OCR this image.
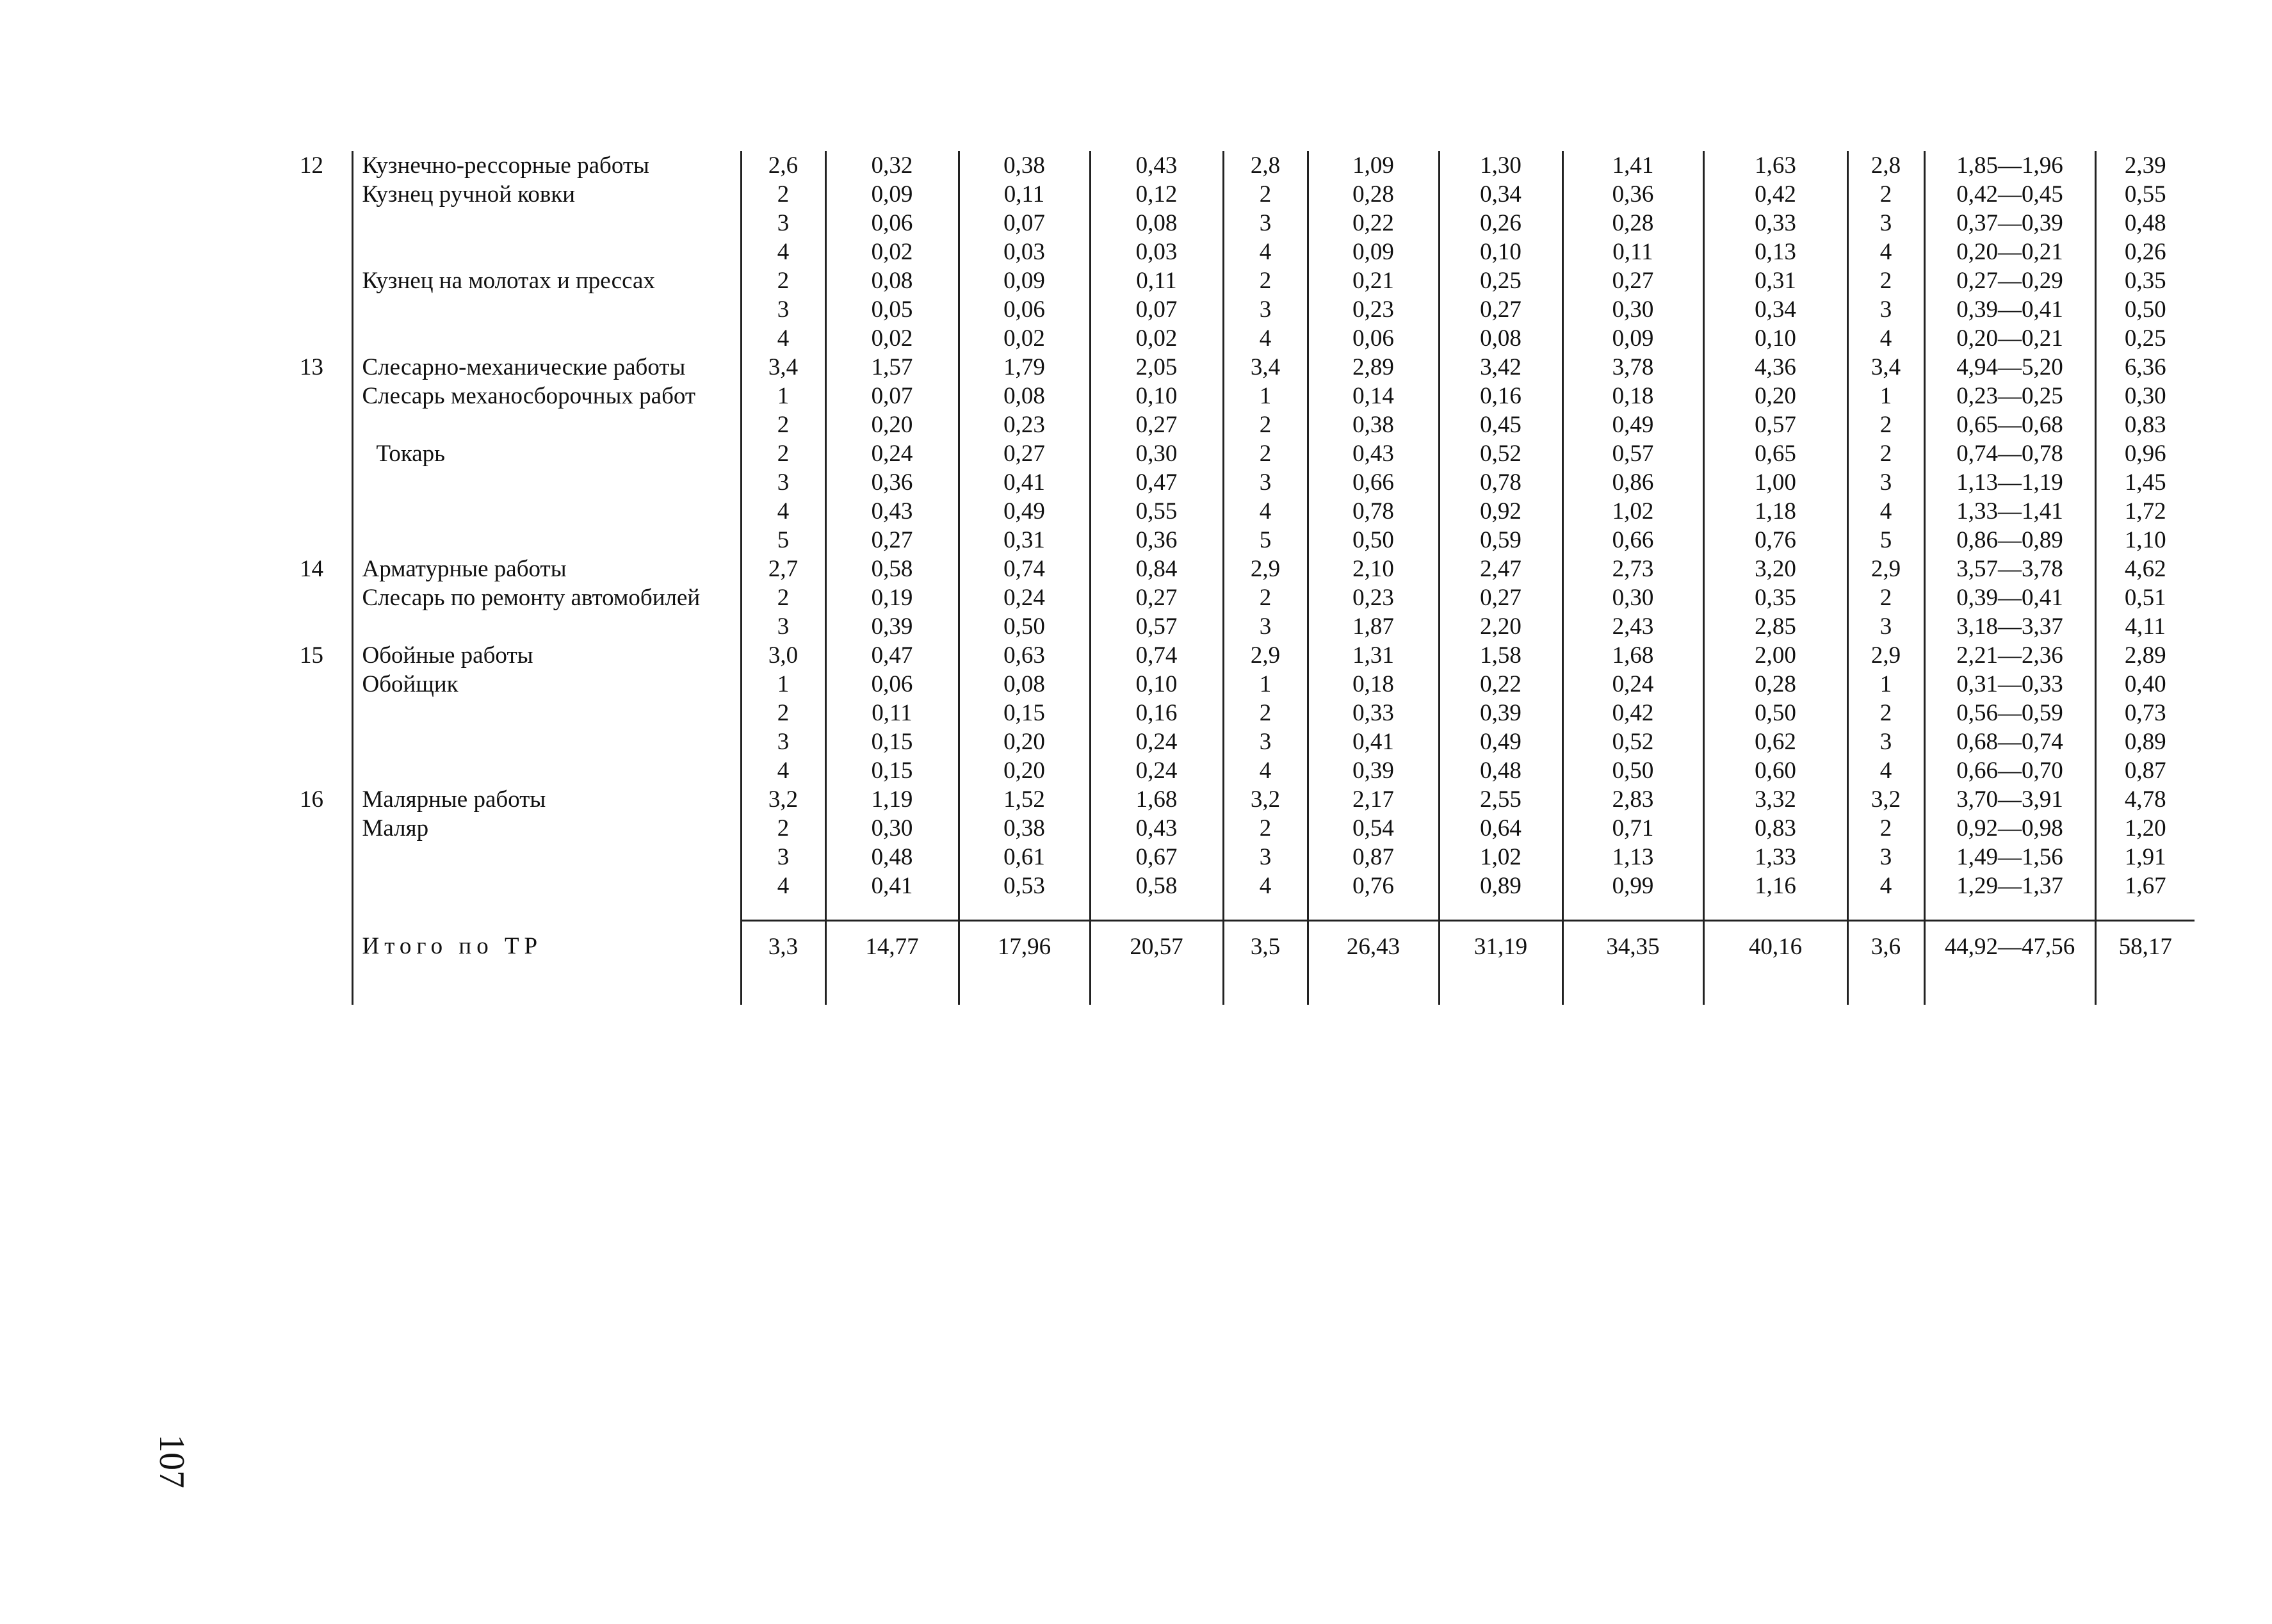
12	Кузнечно-рессорные работы	2,6	0,32	0,38	0,43	2,8	1,09	1,30	1,41	1,63	2,8	1,85—1,96	2,39
	Кузнец ручной ковки	2	0,09	0,11	0,12	2	0,28	0,34	0,36	0,42	2	0,42—0,45	0,55
		3	0,06	0,07	0,08	3	0,22	0,26	0,28	0,33	3	0,37—0,39	0,48
		4	0,02	0,03	0,03	4	0,09	0,10	0,11	0,13	4	0,20—0,21	0,26
	Кузнец на молотах и прессах	2	0,08	0,09	0,11	2	0,21	0,25	0,27	0,31	2	0,27—0,29	0,35
		3	0,05	0,06	0,07	3	0,23	0,27	0,30	0,34	3	0,39—0,41	0,50
		4	0,02	0,02	0,02	4	0,06	0,08	0,09	0,10	4	0,20—0,21	0,25
13	Слесарно-механические работы	3,4	1,57	1,79	2,05	3,4	2,89	3,42	3,78	4,36	3,4	4,94—5,20	6,36
	Слесарь механосборочных работ	1	0,07	0,08	0,10	1	0,14	0,16	0,18	0,20	1	0,23—0,25	0,30
		2	0,20	0,23	0,27	2	0,38	0,45	0,49	0,57	2	0,65—0,68	0,83
	Токарь	2	0,24	0,27	0,30	2	0,43	0,52	0,57	0,65	2	0,74—0,78	0,96
		3	0,36	0,41	0,47	3	0,66	0,78	0,86	1,00	3	1,13—1,19	1,45
		4	0,43	0,49	0,55	4	0,78	0,92	1,02	1,18	4	1,33—1,41	1,72
		5	0,27	0,31	0,36	5	0,50	0,59	0,66	0,76	5	0,86—0,89	1,10
14	Арматурные работы	2,7	0,58	0,74	0,84	2,9	2,10	2,47	2,73	3,20	2,9	3,57—3,78	4,62
	Слесарь по ремонту автомобилей	2	0,19	0,24	0,27	2	0,23	0,27	0,30	0,35	2	0,39—0,41	0,51
		3	0,39	0,50	0,57	3	1,87	2,20	2,43	2,85	3	3,18—3,37	4,11
15	Обойные работы	3,0	0,47	0,63	0,74	2,9	1,31	1,58	1,68	2,00	2,9	2,21—2,36	2,89
	Обойщик	1	0,06	0,08	0,10	1	0,18	0,22	0,24	0,28	1	0,31—0,33	0,40
		2	0,11	0,15	0,16	2	0,33	0,39	0,42	0,50	2	0,56—0,59	0,73
		3	0,15	0,20	0,24	3	0,41	0,49	0,52	0,62	3	0,68—0,74	0,89
		4	0,15	0,20	0,24	4	0,39	0,48	0,50	0,60	4	0,66—0,70	0,87
16	Малярные работы	3,2	1,19	1,52	1,68	3,2	2,17	2,55	2,83	3,32	3,2	3,70—3,91	4,78
	Маляр	2	0,30	0,38	0,43	2	0,54	0,64	0,71	0,83	2	0,92—0,98	1,20
		3	0,48	0,61	0,67	3	0,87	1,02	1,13	1,33	3	1,49—1,56	1,91
		4	0,41	0,53	0,58	4	0,76	0,89	0,99	1,16	4	1,29—1,37	1,67

	Итого по ТР	3,3	14,77	17,96	20,57	3,5	26,43	31,19	34,35	40,16	3,6	44,92—47,56	58,17

107
